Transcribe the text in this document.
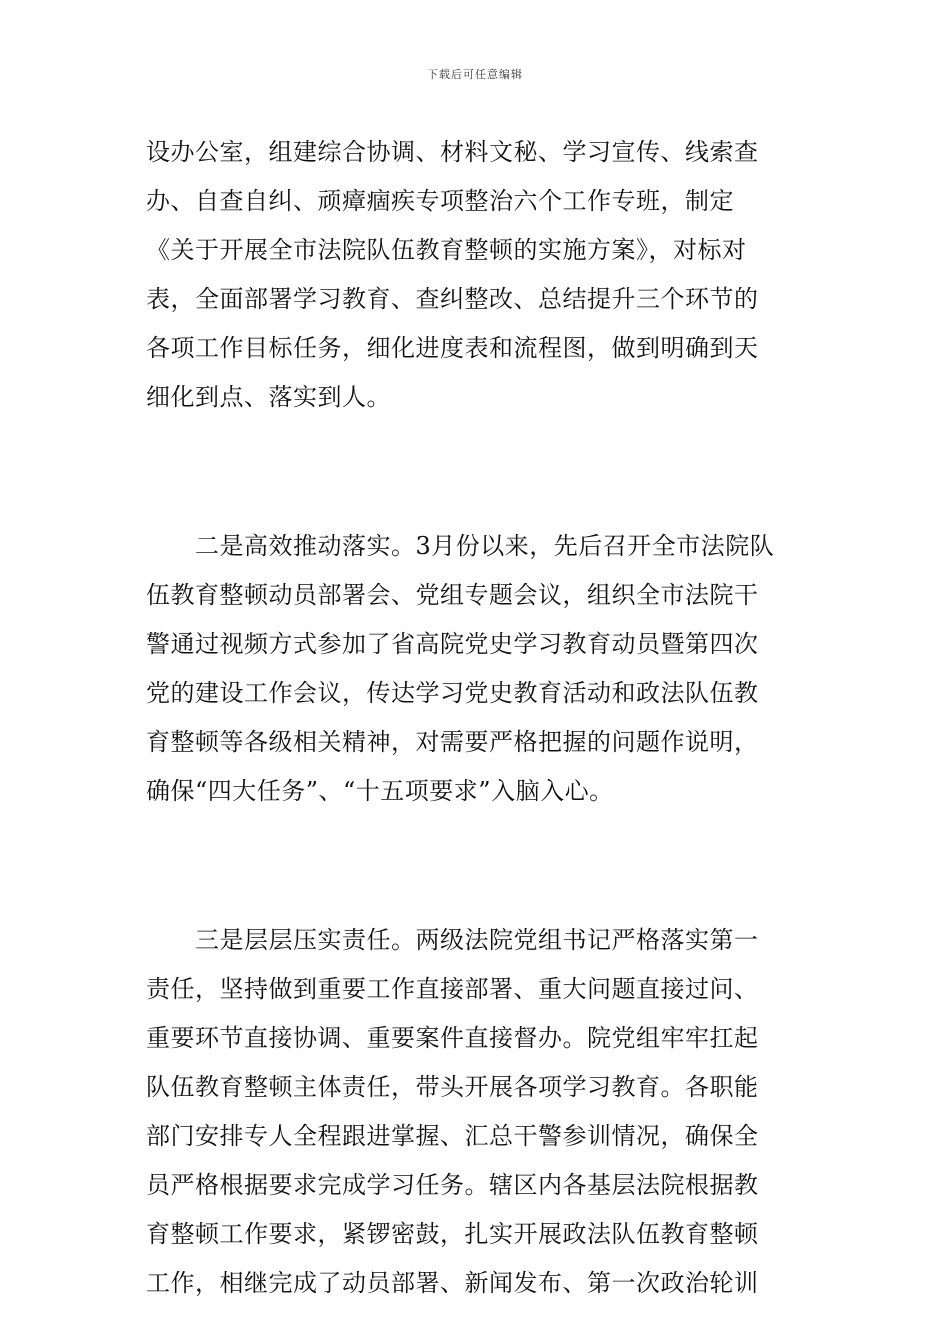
下载后可任意编辑
设办公室，组建综合协调、材料文秘、学习宣传、线索查
办、自查自纠、顽瘴痼疾专项整治六个工作专班，制定
《关于开展全市法院队伍教育整顿的实施方案》，对标对
表，全面部署学习教育、查纠整改、总结提升三个环节的
各项工作目标任务，细化进度表和流程图，做到明确到天
细化到点、落实到人。
　　二是高效推动落实。3月份以来，先后召开全市法院队
伍教育整顿动员部署会、党组专题会议，组织全市法院干
警通过视频方式参加了省高院党史学习教育动员暨第四次
党的建设工作会议，传达学习党史教育活动和政法队伍教
育整顿等各级相关精神，对需要严格把握的问题作说明，
确保“四大任务”、“十五项要求”入脑入心。
　　三是层层压实责任。两级法院党组书记严格落实第一
责任，坚持做到重要工作直接部署、重大问题直接过问、
重要环节直接协调、重要案件直接督办。院党组牢牢扛起
队伍教育整顿主体责任，带头开展各项学习教育。各职能
部门安排专人全程跟进掌握、汇总干警参训情况，确保全
员严格根据要求完成学习任务。辖区内各基层法院根据教
育整顿工作要求，紧锣密鼓，扎实开展政法队伍教育整顿
工作，相继完成了动员部署、新闻发布、第一次政治轮训
